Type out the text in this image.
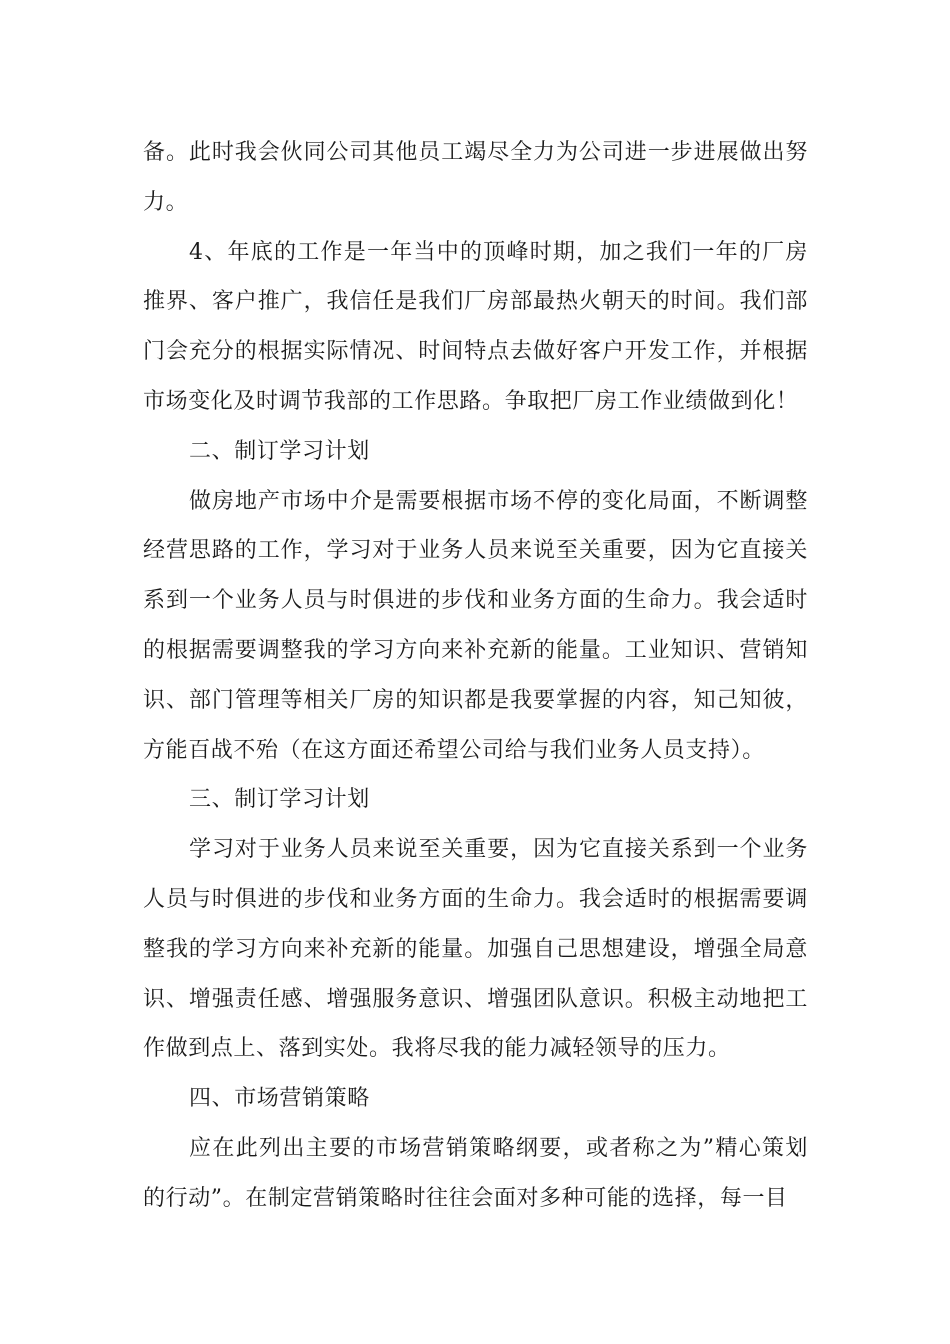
备。此时我会伙同公司其他员工竭尽全力为公司进一步进展做出努力。

4、年底的工作是一年当中的顶峰时期，加之我们一年的厂房推界、客户推广，我信任是我们厂房部最热火朝天的时间。我们部门会充分的根据实际情况、时间特点去做好客户开发工作，并根据市场变化及时调节我部的工作思路。争取把厂房工作业绩做到化！

二、制订学习计划

做房地产市场中介是需要根据市场不停的变化局面，不断调整经营思路的工作，学习对于业务人员来说至关重要，因为它直接关系到一个业务人员与时俱进的步伐和业务方面的生命力。我会适时的根据需要调整我的学习方向来补充新的能量。工业知识、营销知识、部门管理等相关厂房的知识都是我要掌握的内容，知己知彼，方能百战不殆（在这方面还希望公司给与我们业务人员支持）。

三、制订学习计划

学习对于业务人员来说至关重要，因为它直接关系到一个业务人员与时俱进的步伐和业务方面的生命力。我会适时的根据需要调整我的学习方向来补充新的能量。加强自己思想建设，增强全局意识、增强责任感、增强服务意识、增强团队意识。积极主动地把工作做到点上、落到实处。我将尽我的能力减轻领导的压力。

四、市场营销策略

应在此列出主要的市场营销策略纲要，或者称之为”精心策划的行动”。在制定营销策略时往往会面对多种可能的选择，每一目
